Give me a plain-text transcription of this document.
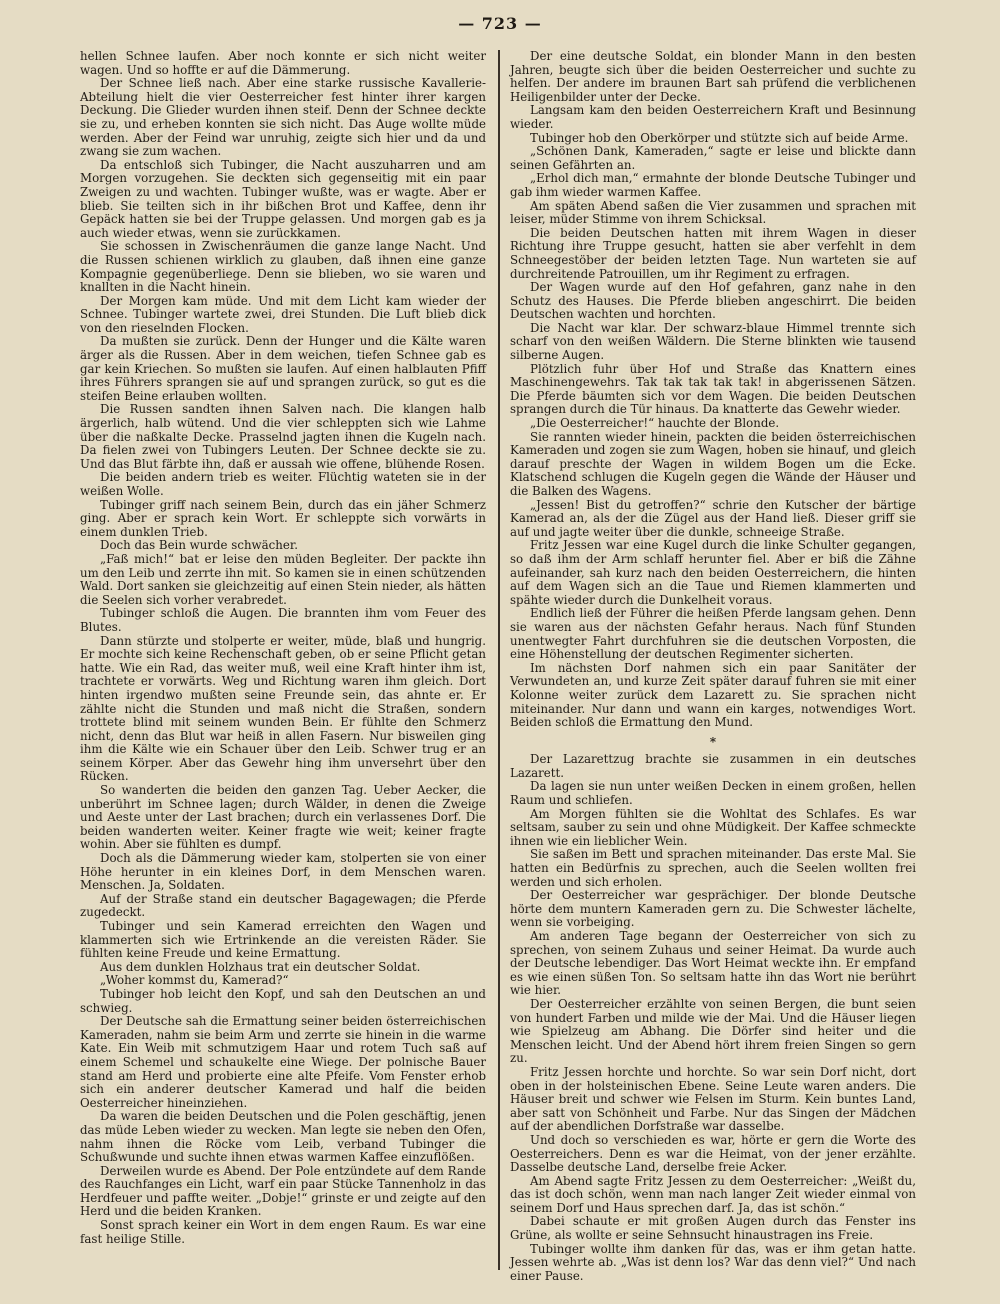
— 723 —

hellen Schnee laufen. Aber noch konnte er sich nicht weiter wagen. Und so hoffte er auf die Dämmerung.

Der Schnee ließ nach. Aber eine starke russische Kavallerie-Abteilung hielt die vier Oesterreicher fest hinter ihrer kargen Deckung. Die Glieder wurden ihnen steif. Denn der Schnee deckte sie zu, und erheben konnten sie sich nicht. Das Auge wollte müde werden. Aber der Feind war unruhig, zeigte sich hier und da und zwang sie zum wachen.

Da entschloß sich Tubinger, die Nacht auszuharren und am Morgen vorzugehen. Sie deckten sich gegenseitig mit ein paar Zweigen zu und wachten. Tubinger wußte, was er wagte. Aber er blieb. Sie teilten sich in ihr bißchen Brot und Kaffee, denn ihr Gepäck hatten sie bei der Truppe gelassen. Und morgen gab es ja auch wieder etwas, wenn sie zurückkamen.

Sie schossen in Zwischenräumen die ganze lange Nacht. Und die Russen schienen wirklich zu glauben, daß ihnen eine ganze Kompagnie gegenüberliege. Denn sie blieben, wo sie waren und knallten in die Nacht hinein.

Der Morgen kam müde. Und mit dem Licht kam wieder der Schnee. Tubinger wartete zwei, drei Stunden. Die Luft blieb dick von den rieselnden Flocken.

Da mußten sie zurück. Denn der Hunger und die Kälte waren ärger als die Russen. Aber in dem weichen, tiefen Schnee gab es gar kein Kriechen. So mußten sie laufen. Auf einen halblauten Pfiff ihres Führers sprangen sie auf und sprangen zurück, so gut es die steifen Beine erlauben wollten.

Die Russen sandten ihnen Salven nach. Die klangen halb ärgerlich, halb wütend. Und die vier schleppten sich wie Lahme über die naßkalte Decke. Prasselnd jagten ihnen die Kugeln nach. Da fielen zwei von Tubingers Leuten. Der Schnee deckte sie zu. Und das Blut färbte ihn, daß er aussah wie offene, blühende Rosen.

Die beiden andern trieb es weiter. Flüchtig wateten sie in der weißen Wolle.

Tubinger griff nach seinem Bein, durch das ein jäher Schmerz ging. Aber er sprach kein Wort. Er schleppte sich vorwärts in einem dunklen Trieb.

Doch das Bein wurde schwächer.

„Faß mich!“ bat er leise den müden Begleiter. Der packte ihn um den Leib und zerrte ihn mit. So kamen sie in einen schützenden Wald. Dort sanken sie gleichzeitig auf einen Stein nieder, als hätten die Seelen sich vorher verabredet.

Tubinger schloß die Augen. Die brannten ihm vom Feuer des Blutes.

Dann stürzte und stolperte er weiter, müde, blaß und hungrig. Er mochte sich keine Rechenschaft geben, ob er seine Pflicht getan hatte. Wie ein Rad, das weiter muß, weil eine Kraft hinter ihm ist, trachtete er vorwärts. Weg und Richtung waren ihm gleich. Dort hinten irgendwo mußten seine Freunde sein, das ahnte er. Er zählte nicht die Stunden und maß nicht die Straßen, sondern trottete blind mit seinem wunden Bein. Er fühlte den Schmerz nicht, denn das Blut war heiß in allen Fasern. Nur bisweilen ging ihm die Kälte wie ein Schauer über den Leib. Schwer trug er an seinem Körper. Aber das Gewehr hing ihm unversehrt über den Rücken.

So wanderten die beiden den ganzen Tag. Ueber Aecker, die unberührt im Schnee lagen; durch Wälder, in denen die Zweige und Aeste unter der Last brachen; durch ein verlassenes Dorf. Die beiden wanderten weiter. Keiner fragte wie weit; keiner fragte wohin. Aber sie fühlten es dumpf.

Doch als die Dämmerung wieder kam, stolperten sie von einer Höhe herunter in ein kleines Dorf, in dem Menschen waren. Menschen. Ja, Soldaten.

Auf der Straße stand ein deutscher Bagagewagen; die Pferde zugedeckt.

Tubinger und sein Kamerad erreichten den Wagen und klammerten sich wie Ertrinkende an die vereisten Räder. Sie fühlten keine Freude und keine Ermattung.

Aus dem dunklen Holzhaus trat ein deutscher Soldat.

„Woher kommst du, Kamerad?“

Tubinger hob leicht den Kopf, und sah den Deutschen an und schwieg.

Der Deutsche sah die Ermattung seiner beiden österreichischen Kameraden, nahm sie beim Arm und zerrte sie hinein in die warme Kate. Ein Weib mit schmutzigem Haar und rotem Tuch saß auf einem Schemel und schaukelte eine Wiege. Der polnische Bauer stand am Herd und probierte eine alte Pfeife. Vom Fenster erhob sich ein anderer deutscher Kamerad und half die beiden Oesterreicher hineinziehen.

Da waren die beiden Deutschen und die Polen geschäftig, jenen das müde Leben wieder zu wecken. Man legte sie neben den Ofen, nahm ihnen die Röcke vom Leib, verband Tubinger die Schußwunde und suchte ihnen etwas warmen Kaffee einzuflößen.

Derweilen wurde es Abend. Der Pole entzündete auf dem Rande des Rauchfanges ein Licht, warf ein paar Stücke Tannenholz in das Herdfeuer und paffte weiter. „Dobje!“ grinste er und zeigte auf den Herd und die beiden Kranken.

Sonst sprach keiner ein Wort in dem engen Raum. Es war eine fast heilige Stille.

Der eine deutsche Soldat, ein blonder Mann in den besten Jahren, beugte sich über die beiden Oesterreicher und suchte zu helfen. Der andere im braunen Bart sah prüfend die verblichenen Heiligenbilder unter der Decke.

Langsam kam den beiden Oesterreichern Kraft und Besinnung wieder.

Tubinger hob den Oberkörper und stützte sich auf beide Arme.

„Schönen Dank, Kameraden,“ sagte er leise und blickte dann seinen Gefährten an.

„Erhol dich man,“ ermahnte der blonde Deutsche Tubinger und gab ihm wieder warmen Kaffee.

Am späten Abend saßen die Vier zusammen und sprachen mit leiser, müder Stimme von ihrem Schicksal.

Die beiden Deutschen hatten mit ihrem Wagen in dieser Richtung ihre Truppe gesucht, hatten sie aber verfehlt in dem Schneegestöber der beiden letzten Tage. Nun warteten sie auf durchreitende Patrouillen, um ihr Regiment zu erfragen.

Der Wagen wurde auf den Hof gefahren, ganz nahe in den Schutz des Hauses. Die Pferde blieben angeschirrt. Die beiden Deutschen wachten und horchten.

Die Nacht war klar. Der schwarz-blaue Himmel trennte sich scharf von den weißen Wäldern. Die Sterne blinkten wie tausend silberne Augen.

Plötzlich fuhr über Hof und Straße das Knattern eines Maschinengewehrs. Tak tak tak tak tak! in abgerissenen Sätzen. Die Pferde bäumten sich vor dem Wagen. Die beiden Deutschen sprangen durch die Tür hinaus. Da knatterte das Gewehr wieder.

„Die Oesterreicher!“ hauchte der Blonde.

Sie rannten wieder hinein, packten die beiden österreichischen Kameraden und zogen sie zum Wagen, hoben sie hinauf, und gleich darauf preschte der Wagen in wildem Bogen um die Ecke. Klatschend schlugen die Kugeln gegen die Wände der Häuser und die Balken des Wagens.

„Jessen! Bist du getroffen?“ schrie den Kutscher der bärtige Kamerad an, als der die Zügel aus der Hand ließ. Dieser griff sie auf und jagte weiter über die dunkle, schneeige Straße.

Fritz Jessen war eine Kugel durch die linke Schulter gegangen, so daß ihm der Arm schlaff herunter fiel. Aber er biß die Zähne aufeinander, sah kurz nach den beiden Oesterreichern, die hinten auf dem Wagen sich an die Taue und Riemen klammerten und spähte wieder durch die Dunkelheit voraus.

Endlich ließ der Führer die heißen Pferde langsam gehen. Denn sie waren aus der nächsten Gefahr heraus. Nach fünf Stunden unentwegter Fahrt durchfuhren sie die deutschen Vorposten, die eine Höhenstellung der deutschen Regimenter sicherten.

Im nächsten Dorf nahmen sich ein paar Sanitäter der Verwundeten an, und kurze Zeit später darauf fuhren sie mit einer Kolonne weiter zurück dem Lazarett zu. Sie sprachen nicht miteinander. Nur dann und wann ein karges, notwendiges Wort. Beiden schloß die Ermattung den Mund.

*

Der Lazarettzug brachte sie zusammen in ein deutsches Lazarett.

Da lagen sie nun unter weißen Decken in einem großen, hellen Raum und schliefen.

Am Morgen fühlten sie die Wohltat des Schlafes. Es war seltsam, sauber zu sein und ohne Müdigkeit. Der Kaffee schmeckte ihnen wie ein lieblicher Wein.

Sie saßen im Bett und sprachen miteinander. Das erste Mal. Sie hatten ein Bedürfnis zu sprechen, auch die Seelen wollten frei werden und sich erholen.

Der Oesterreicher war gesprächiger. Der blonde Deutsche hörte dem muntern Kameraden gern zu. Die Schwester lächelte, wenn sie vorbeiging.

Am anderen Tage begann der Oesterreicher von sich zu sprechen, von seinem Zuhaus und seiner Heimat. Da wurde auch der Deutsche lebendiger. Das Wort Heimat weckte ihn. Er empfand es wie einen süßen Ton. So seltsam hatte ihn das Wort nie berührt wie hier.

Der Oesterreicher erzählte von seinen Bergen, die bunt seien von hundert Farben und milde wie der Mai. Und die Häuser liegen wie Spielzeug am Abhang. Die Dörfer sind heiter und die Menschen leicht. Und der Abend hört ihrem freien Singen so gern zu.

Fritz Jessen horchte und horchte. So war sein Dorf nicht, dort oben in der holsteinischen Ebene. Seine Leute waren anders. Die Häuser breit und schwer wie Felsen im Sturm. Kein buntes Land, aber satt von Schönheit und Farbe. Nur das Singen der Mädchen auf der abendlichen Dorfstraße war dasselbe.

Und doch so verschieden es war, hörte er gern die Worte des Oesterreichers. Denn es war die Heimat, von der jener erzählte. Dasselbe deutsche Land, derselbe freie Acker.

Am Abend sagte Fritz Jessen zu dem Oesterreicher: „Weißt du, das ist doch schön, wenn man nach langer Zeit wieder einmal von seinem Dorf und Haus sprechen darf. Ja, das ist schön.“

Dabei schaute er mit großen Augen durch das Fenster ins Grüne, als wollte er seine Sehnsucht hinaustragen ins Freie.

Tubinger wollte ihm danken für das, was er ihm getan hatte. Jessen wehrte ab. „Was ist denn los? War das denn viel?“ Und nach einer Pause.
